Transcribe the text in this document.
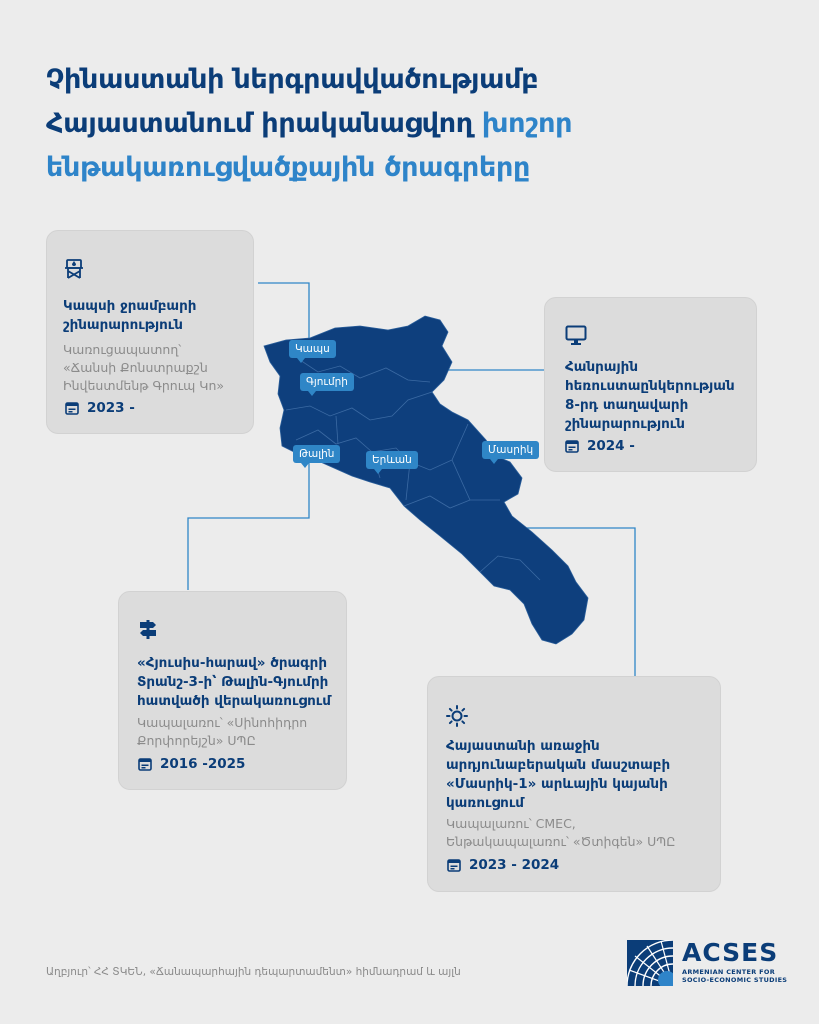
Չինաստանի ներգրավվածությամբ
Հայաստանում իրականացվող խոշոր
ենթակառուցվածքային ծրագրերը
Կապս
Գյումրի
Թալին	Երևան
Մասրիկ
Կապսի ջրամբարի
շինարարություն
Կառուցապատող՝
«Ճանսի Քոնստրաքշն
Ինվեստմենթ Գրուպ Կո»
2023 -
Հանրային
հեռուստաընկերության
8-րդ տաղավարի
շինարարություն
2024 -
«Հյուսիս-հարավ» ծրագրի
Տրանշ-3-ի՝ Թալին-Գյումրի
հատվածի վերակառուցում
Կապալառու՝ «Սինոհիդրո
Քորփորեյշն» ՍՊԸ
2016 -2025
Հայաստանի առաջին
արդյունաբերական մասշտաբի
«Մասրիկ-1» արևային կայանի
կառուցում
Կապալառու՝ CMEC,
Ենթակապալառու՝ «Ծտիգեն» ՍՊԸ
2023 - 2024
Աղբյուր՝ ՀՀ ՏԿԵՆ, «Ճանապարհային դեպարտամենտ» հիմնադրամ և այլն
ACSES
ARMENIAN CENTER FOR
SOCIO-ECONOMIC STUDIES
